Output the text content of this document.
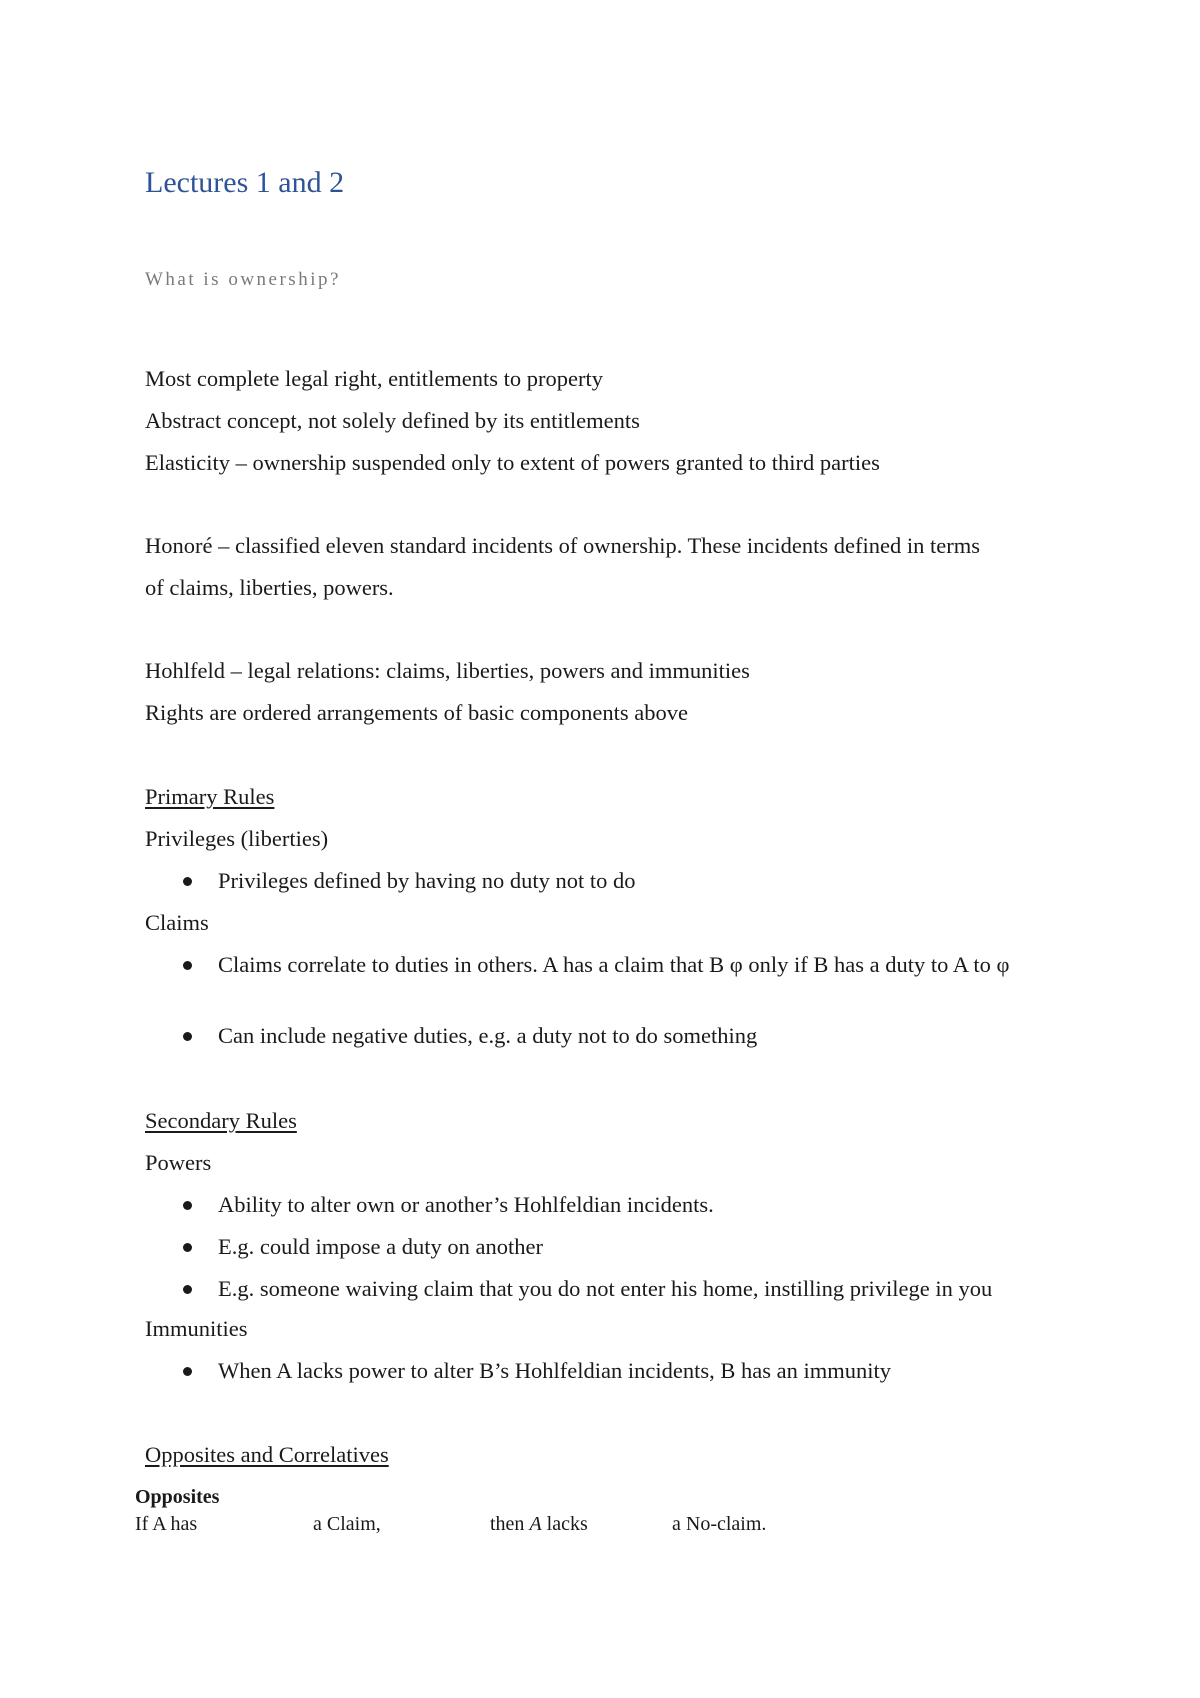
Lectures 1 and 2

What is ownership?

Most complete legal right, entitlements to property

Abstract concept, not solely defined by its entitlements

Elasticity – ownership suspended only to extent of powers granted to third parties

Honoré – classified eleven standard incidents of ownership. These incidents defined in terms

of claims, liberties, powers.

Hohlfeld – legal relations: claims, liberties, powers and immunities

Rights are ordered arrangements of basic components above

Primary Rules

Privileges (liberties)

Privileges defined by having no duty not to do

Claims

Claims correlate to duties in others. A has a claim that B φ only if B has a duty to A to φ
Can include negative duties, e.g. a duty not to do something

Secondary Rules

Powers

Ability to alter own or another’s Hohlfeldian incidents.
E.g. could impose a duty on another
E.g. someone waiving claim that you do not enter his home, instilling privilege in you

Immunities

When A lacks power to alter B’s Hohlfeldian incidents, B has an immunity

Opposites and Correlatives

Opposites

If A has	a Claim,	then A lacks	a No-claim.
